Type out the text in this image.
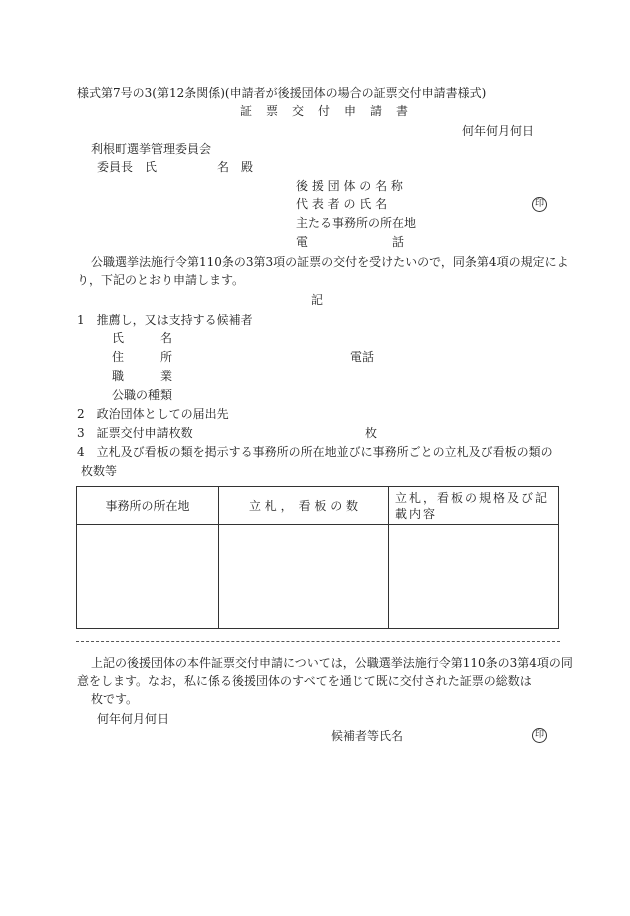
様式第7号の3(第12条関係)(申請者が後援団体の場合の証票交付申請書様式)
証　票　交　付　申　請　書
何年何月何日
利根町選挙管理委員会
委員長　氏　　　　　名　殿
後 援 団 体 の 名 称
代 表 者 の 氏 名	印
主たる事務所の所在地
電　　　　　　　話
公職選挙法施行令第110条の3第3項の証票の交付を受けたいので，同条第4項の規定によ
り，下記のとおり申請します。
記
1　推薦し，又は支持する候補者
氏　　　名
住　　　所	電話
職　　　業
公職の種類
2　政治団体としての届出先
3　証票交付申請枚数	枚
4　立札及び看板の類を掲示する事務所の所在地並びに事務所ごとの立札及び看板の類の
枚数等
事務所の所在地	立 札 ，　看 板 の 数	立札，看板の規格及び記載内容

上記の後援団体の本件証票交付申請については，公職選挙法施行令第110条の3第4項の同
意をします。なお，私に係る後援団体のすべてを通じて既に交付された証票の総数は
枚です。
何年何月何日
候補者等氏名	印
